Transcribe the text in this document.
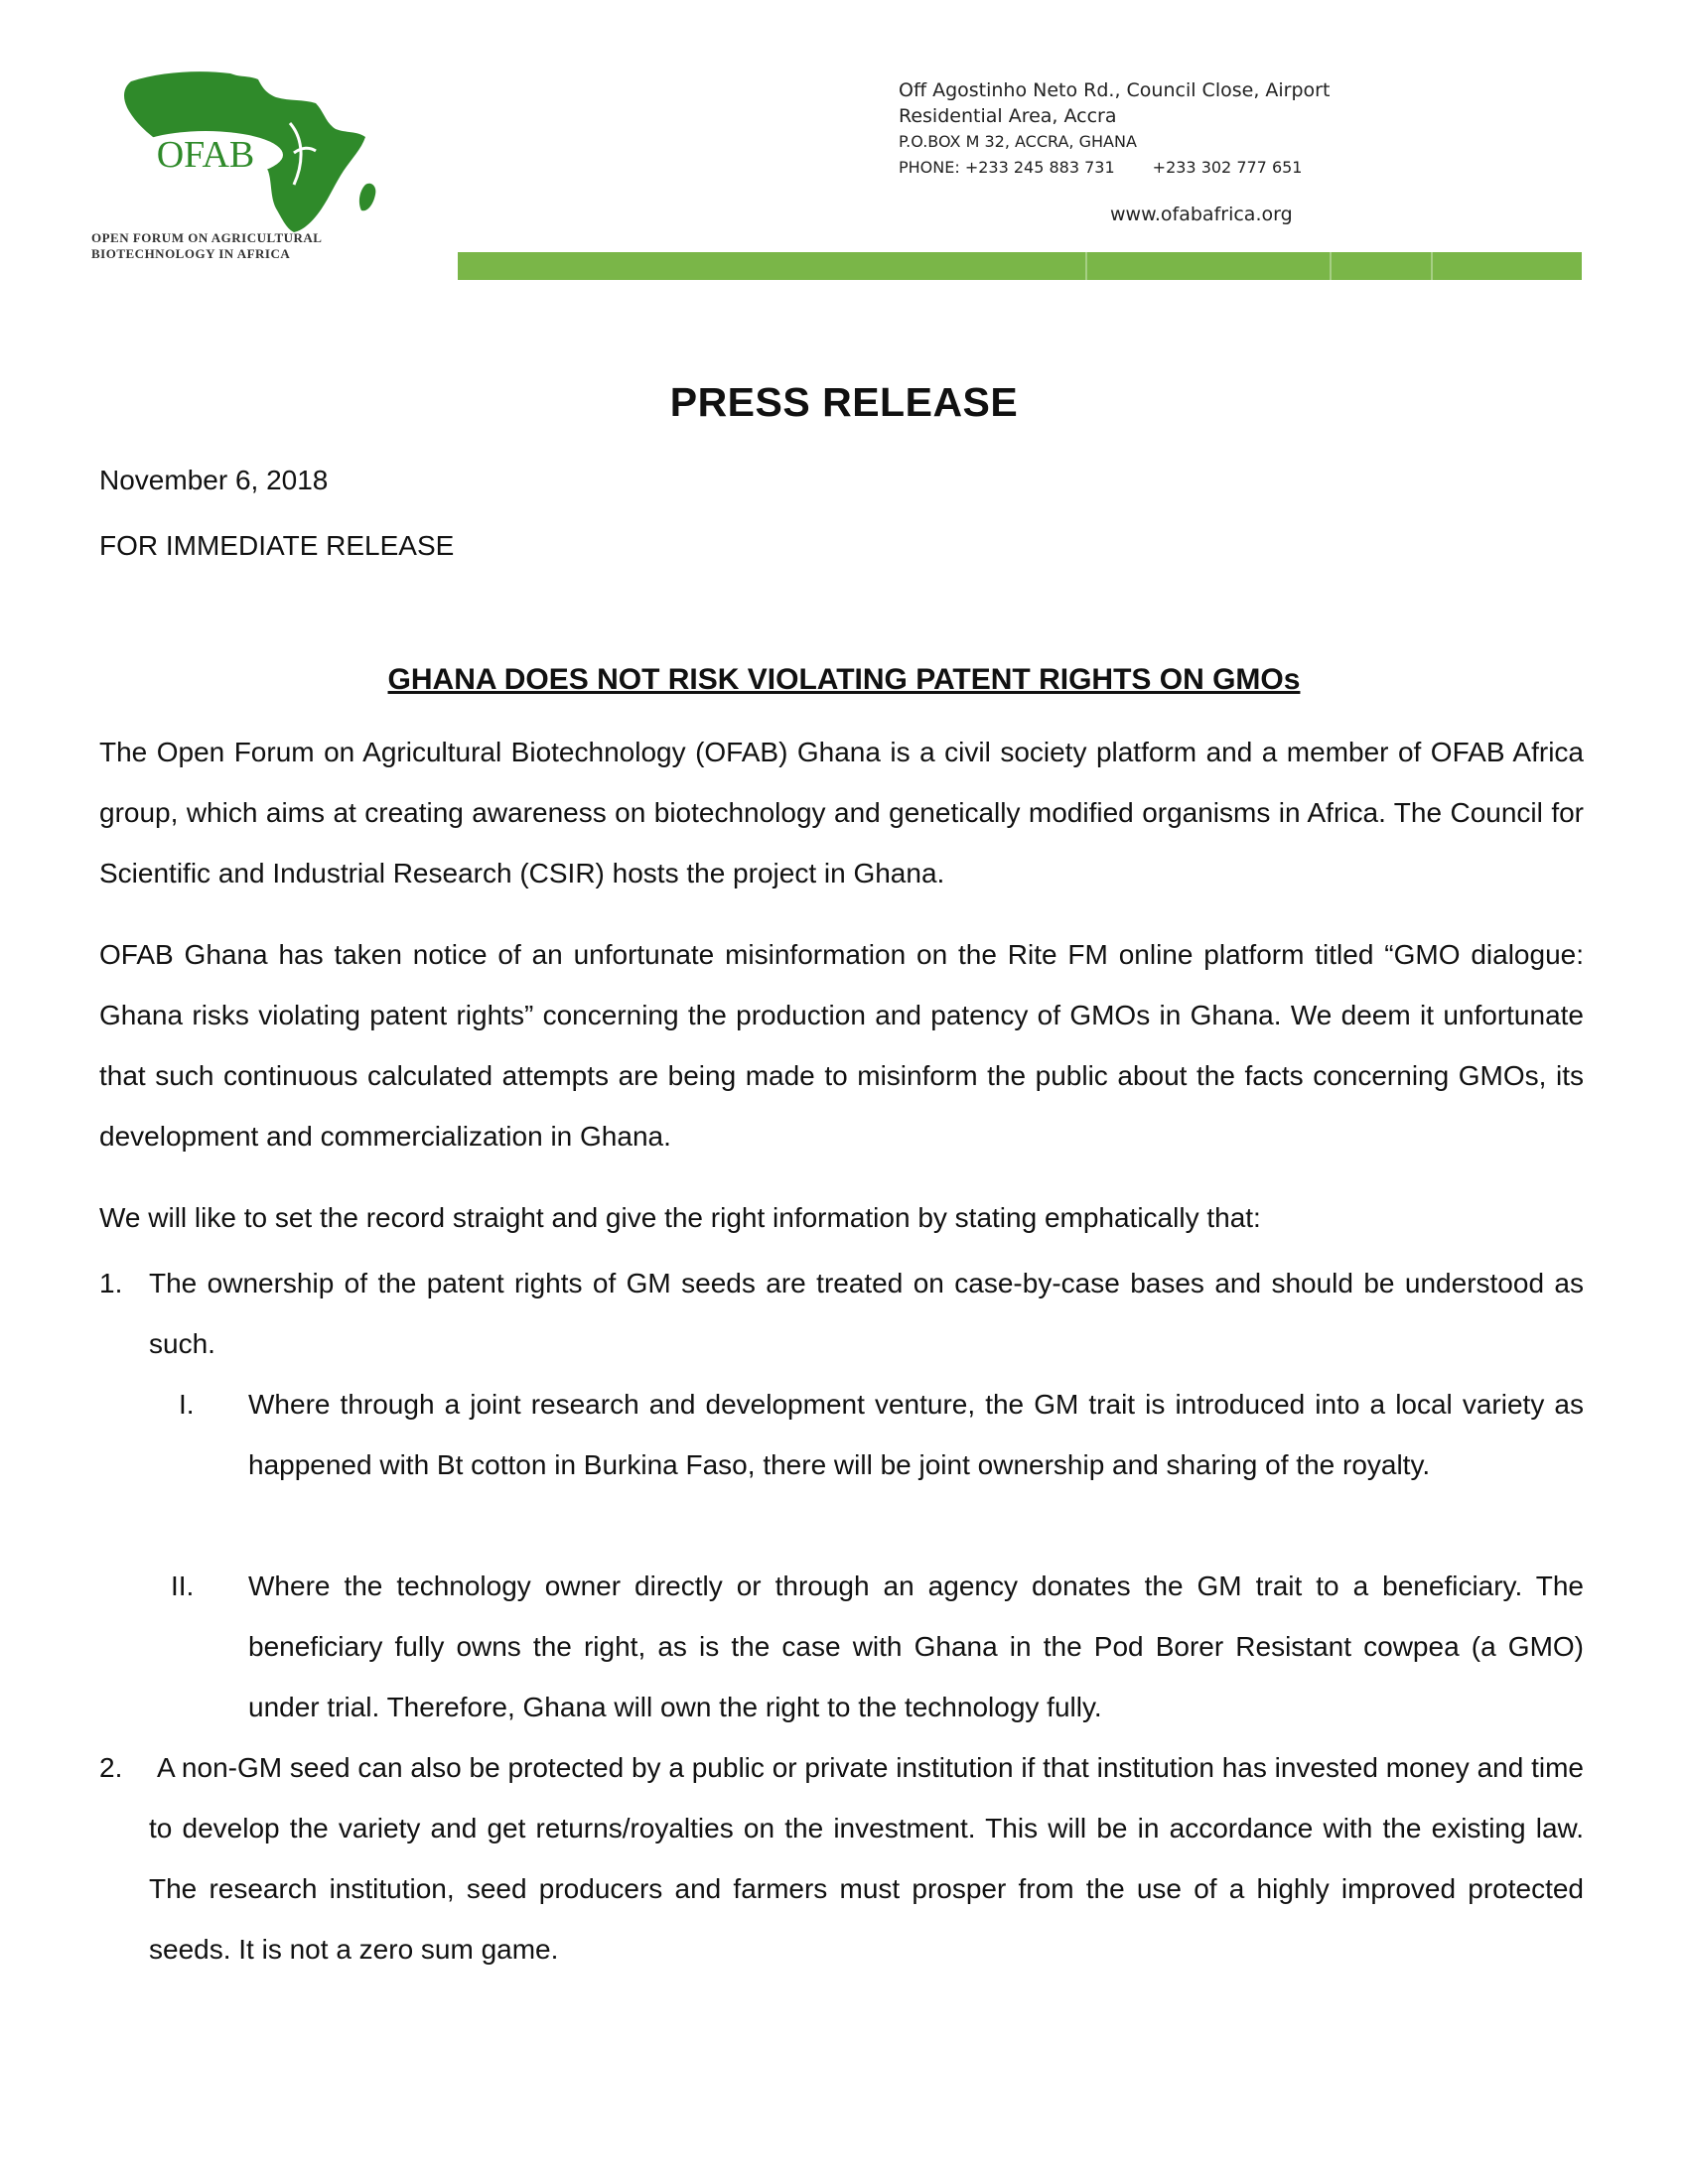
OFAB
GHANA
OPEN FORUM ON AGRICULTURAL
BIOTECHNOLOGY IN AFRICA
Off Agostinho Neto Rd., Council Close, Airport
Residential Area, Accra
P.O.BOX M 32, ACCRA, GHANA
PHONE: +233 245 883 731 +233 302 777 651
www.ofabafrica.org
PRESS RELEASE
November 6, 2018
FOR IMMEDIATE RELEASE
GHANA DOES NOT RISK VIOLATING PATENT RIGHTS ON GMOs

The Open Forum on Agricultural Biotechnology (OFAB) Ghana is a civil society platform and a member of OFAB Africa group, which aims at creating awareness on biotechnology and genetically modified organisms in Africa. The Council for Scientific and Industrial Research (CSIR) hosts the project in Ghana.

OFAB Ghana has taken notice of an unfortunate misinformation on the Rite FM online platform titled “GMO dialogue: Ghana risks violating patent rights” concerning the production and patency of GMOs in Ghana. We deem it unfortunate that such continuous calculated attempts are being made to misinform the public about the facts concerning GMOs, its development and commercialization in Ghana.

We will like to set the record straight and give the right information by stating emphatically that:

1. The ownership of the patent rights of GM seeds are treated on case-by-case bases and should be understood as such.

I. Where through a joint research and development venture, the GM trait is introduced into a local variety as happened with Bt cotton in Burkina Faso, there will be joint ownership and sharing of the royalty.

II. Where the technology owner directly or through an agency donates the GM trait to a beneficiary. The beneficiary fully owns the right, as is the case with Ghana in the Pod Borer Resistant cowpea (a GMO) under trial. Therefore, Ghana will own the right to the technology fully.

2. A non-GM seed can also be protected by a public or private institution if that institution has invested money and time to develop the variety and get returns/royalties on the investment. This will be in accordance with the existing law. The research institution, seed producers and farmers must prosper from the use of a highly improved protected seeds. It is not a zero sum game.
